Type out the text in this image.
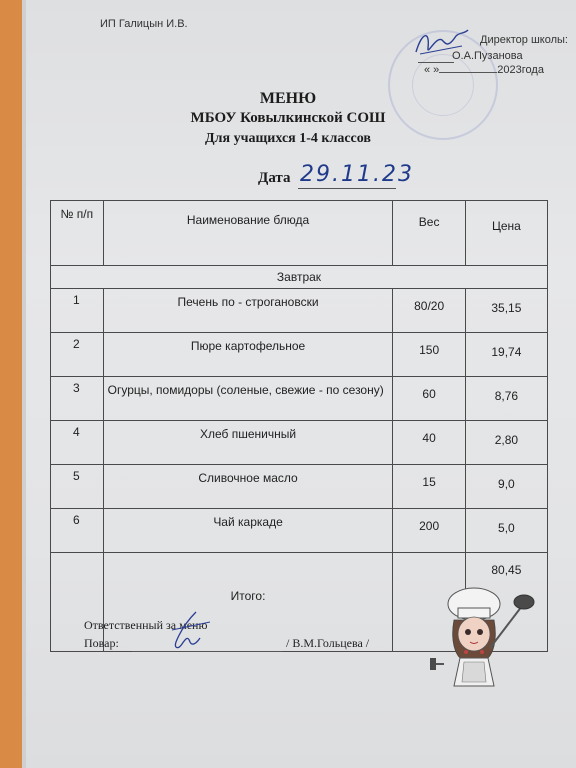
ИП Галицын И.В.
Директор школы:
О.А.Пузанова
« »	2023года
МЕНЮ
МБОУ Ковылкинской СОШ
Для учащихся 1-4 классов
Дата 29.11.23
№ п/п	Наименование блюда	Вес	Цена
Завтрак			
1	Печень по - строгановски	80/20	35,15
2	Пюре картофельное	150	19,74
3	Огурцы, помидоры (соленые, свежие - по сезону)	60	8,76
4	Хлеб пшеничный	40	2,80
5	Сливочное масло	15	9,0
6	Чай каркаде	200	5,0
	Итого:		80,45
Ответственный за меню
Повар:	/ В.М.Гольцева /
